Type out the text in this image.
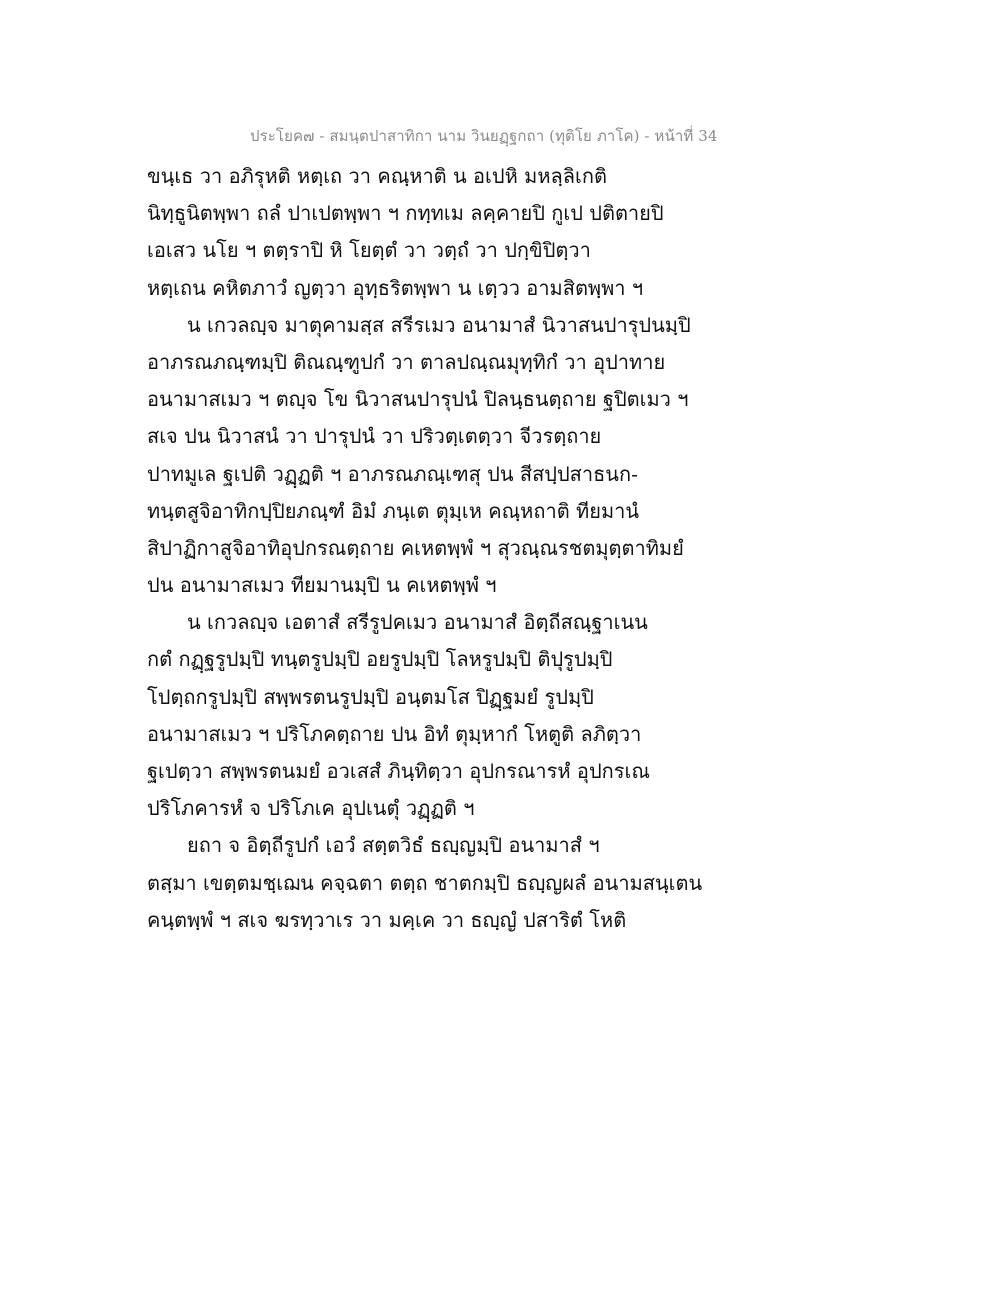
ประโยค๗ - สมนฺตปาสาทิกา นาม วินยฏฺฐกถา (ทุติโย ภาโค) - หน้าที่ 34
ขนฺเธ วา อภิรุหติ หตฺเถ วา คณฺหาติ น อเปหิ มหลฺลิเกติ
นิทฺธูนิตพฺพา ถลํ ปาเปตพฺพา ฯ กทฺทเม ลคฺคายปิ กูเป ปติตายปิ
เอเสว นโย ฯ ตตฺราปิ หิ โยตฺตํ วา วตฺถํ วา ปกฺขิปิตฺวา
หตฺเถน คหิตภาวํ ญตฺวา อุทฺธริตพฺพา น เตฺวว อามสิตพฺพา ฯ
น เกวลญฺจ มาตุคามสฺส สรีรเมว อนามาสํ นิวาสนปารุปนมฺปิ
อาภรณภณฺฑมฺปิ ติณณฺฑูปกํ วา ตาลปณฺณมุทฺทิกํ วา อุปาทาย
อนามาสเมว ฯ ตญฺจ โข นิวาสนปารุปนํ ปิลนฺธนตฺถาย ฐปิตเมว ฯ
สเจ ปน นิวาสนํ วา ปารุปนํ วา ปริวตฺเตตฺวา จีวรตฺถาย
ปาทมูเล ฐเปติ วฏฺฏติ ฯ อาภรณภณฺเฑสุ ปน สีสปฺปสาธนก-
ทนฺตสูจิอาทิกปฺปิยภณฺฑํ อิมํ ภนฺเต ตุมฺเห คณฺหถาติ ทียมานํ
สิปาฏิกาสูจิอาทิอุปกรณตฺถาย คเหตพฺพํ ฯ สุวณฺณรชตมุตฺตาทิมยํ
ปน อนามาสเมว ทียมานมฺปิ น คเหตพฺพํ ฯ
น เกวลญฺจ เอตาสํ สรีรูปคเมว อนามาสํ อิตฺถีสณฺฐาเนน
กตํ กฏฺฐรูปมฺปิ ทนฺตรูปมฺปิ อยรูปมฺปิ โลหรูปมฺปิ ติปุรูปมฺปิ
โปตฺถกรูปมฺปิ สพฺพรตนรูปมฺปิ อนฺตมโส ปิฏฺฐมยํ รูปมฺปิ
อนามาสเมว ฯ ปริโภคตฺถาย ปน อิทํ ตุมฺหากํ โหตูติ ลภิตฺวา
ฐเปตฺวา สพฺพรตนมยํ อวเสสํ ภินฺทิตฺวา อุปกรณารหํ อุปกรเณ
ปริโภคารหํ จ ปริโภเค อุปเนตุํ วฏฺฏติ ฯ
ยถา จ อิตฺถีรูปกํ เอวํ สตฺตวิธํ ธญฺญมฺปิ อนามาสํ ฯ
ตสฺมา เขตฺตมชฺเฌน คจฺฉตา ตตฺถ ชาตกมฺปิ ธญฺญผลํ อนามสนฺเตน
คนฺตพฺพํ ฯ สเจ ฆรทฺวาเร วา มคฺเค วา ธญฺญํ ปสาริตํ โหติ
